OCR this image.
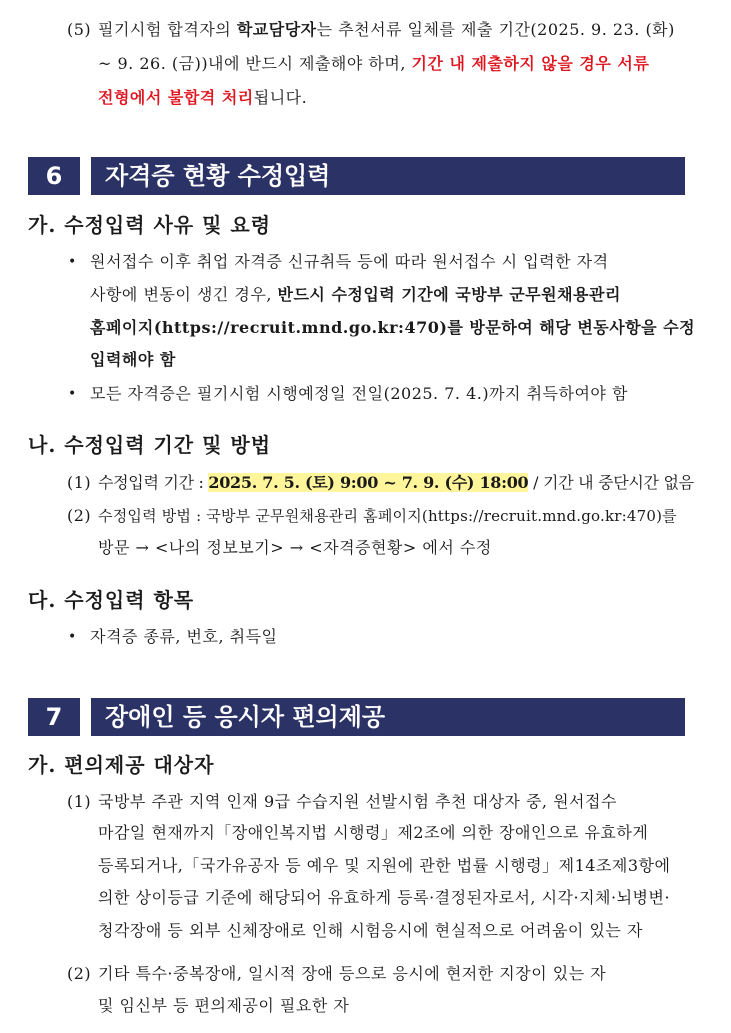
(5) 필기시험 합격자의 학교담당자는 추천서류 일체를 제출 기간(2025. 9. 23. (화)
~ 9. 26. (금))내에 반드시 제출해야 하며, 기간 내 제출하지 않을 경우 서류
전형에서 불합격 처리됩니다.
6	자격증 현황 수정입력
가. 수정입력 사유 및 요령
• 원서접수 이후 취업 자격증 신규취득 등에 따라 원서접수 시 입력한 자격
사항에 변동이 생긴 경우, 반드시 수정입력 기간에 국방부 군무원채용관리
홈페이지(https://recruit.mnd.go.kr:470)를 방문하여 해당 변동사항을 수정
입력해야 함
• 모든 자격증은 필기시험 시행예정일 전일(2025. 7. 4.)까지 취득하여야 함
나. 수정입력 기간 및 방법
(1) 수정입력 기간 : 2025. 7. 5. (토) 9:00 ~ 7. 9. (수) 18:00 / 기간 내 중단시간 없음
(2) 수정입력 방법 : 국방부 군무원채용관리 홈페이지(https://recruit.mnd.go.kr:470)를
방문 → <나의 정보보기> → <자격증현황> 에서 수정
다. 수정입력 항목
• 자격증 종류, 번호, 취득일
7	장애인 등 응시자 편의제공
가. 편의제공 대상자
(1) 국방부 주관 지역 인재 9급 수습지원 선발시험 추천 대상자 중, 원서접수
마감일 현재까지「장애인복지법 시행령」제2조에 의한 장애인으로 유효하게
등록되거나,「국가유공자 등 예우 및 지원에 관한 법률 시행령」제14조제3항에
의한 상이등급 기준에 해당되어 유효하게 등록·결정된자로서, 시각·지체·뇌병변·
청각장애 등 외부 신체장애로 인해 시험응시에 현실적으로 어려움이 있는 자
(2) 기타 특수·중복장애, 일시적 장애 등으로 응시에 현저한 지장이 있는 자
및 임신부 등 편의제공이 필요한 자
